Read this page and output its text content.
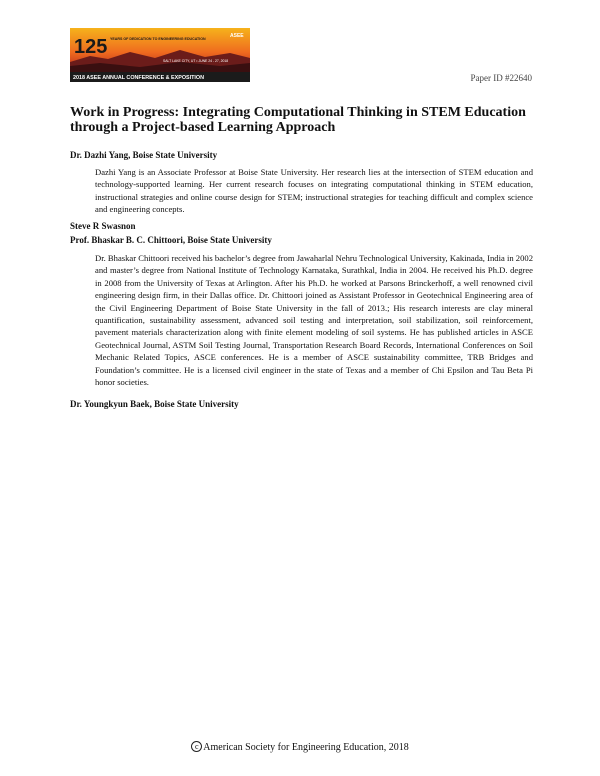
125 YEARS OF DEDICATION TO ENGINEERING EDUCATION
SALT LAKE CITY, UT • JUNE 24 - 27, 2018
ASEE
2018 ASEE ANNUAL CONFERENCE & EXPOSITION	Paper ID #22640
Work in Progress: Integrating Computational Thinking in STEM Education through a Project-based Learning Approach
Dr. Dazhi Yang, Boise State University
Dazhi Yang is an Associate Professor at Boise State University. Her research lies at the intersection of STEM education and technology-supported learning. Her current research focuses on integrating computational thinking in STEM education, instructional strategies and online course design for STEM; instructional strategies for teaching difficult and complex science and engineering concepts.
Steve R Swasnon
Prof. Bhaskar B. C. Chittoori, Boise State University
Dr. Bhaskar Chittoori received his bachelor’s degree from Jawaharlal Nehru Technological University, Kakinada, India in 2002 and master’s degree from National Institute of Technology Karnataka, Surathkal, India in 2004. He received his Ph.D. degree in 2008 from the University of Texas at Arlington. After his Ph.D. he worked at Parsons Brinckerhoff, a well renowned civil engineering design firm, in their Dallas office. Dr. Chittoori joined as Assistant Professor in Geotechnical Engineering area of the Civil Engineering Department of Boise State University in the fall of 2013.; His research interests are clay mineral quantification, sustainability assessment, advanced soil testing and interpretation, soil stabilization, soil reinforcement, pavement materials characterization along with finite element modeling of soil systems. He has published articles in ASCE Geotechnical Journal, ASTM Soil Testing Journal, Transportation Research Board Records, International Conferences on Soil Mechanic Related Topics, ASCE conferences. He is a member of ASCE sustainability committee, TRB Bridges and Foundation’s committee. He is a licensed civil engineer in the state of Texas and a member of Chi Epsilon and Tau Beta Pi honor societies.
Dr. Youngkyun Baek, Boise State University
c American Society for Engineering Education, 2018
